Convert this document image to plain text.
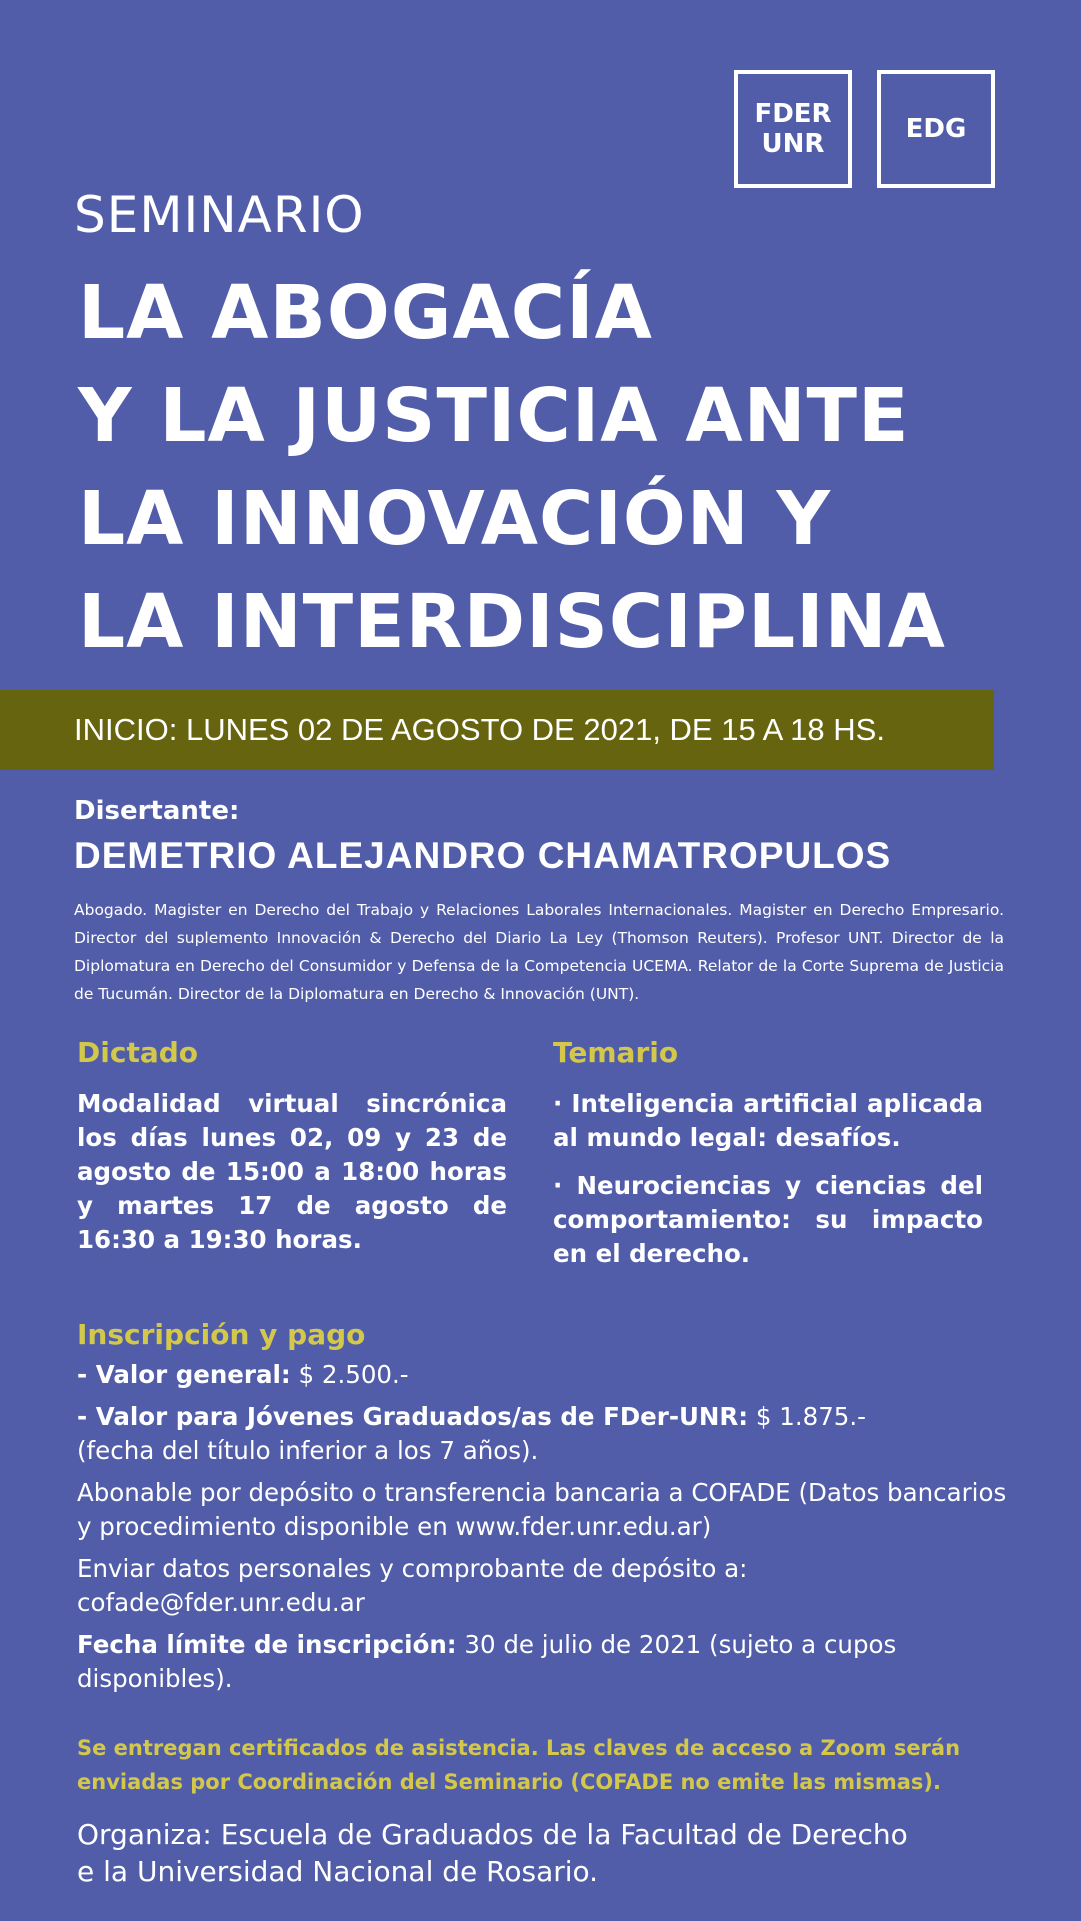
FDER
UNR	EDG
SEMINARIO
LA ABOGACÍA
Y LA JUSTICIA ANTE
LA INNOVACIÓN Y
LA INTERDISCIPLINA
INICIO: LUNES 02 DE AGOSTO DE 2021, DE 15 A 18 HS.
Disertante:
DEMETRIO ALEJANDRO CHAMATROPULOS
Abogado. Magister en Derecho del Trabajo y Relaciones Laborales Internacionales. Magister en Derecho Empresario. Director del suplemento Innovación & Derecho del Diario La Ley (Thomson Reuters). Profesor UNT. Director de la Diplomatura en Derecho del Consumidor y Defensa de la Competencia UCEMA. Relator de la Corte Suprema de Justicia de Tucumán. Director de la Diplomatura en Derecho & Innovación (UNT).
Dictado
Modalidad virtual sincrónica los días lunes 02, 09 y 23 de agosto de 15:00 a 18:00 horas y martes 17 de agosto de 16:30 a 19:30 horas.
Temario
· Inteligencia artificial aplicada al mundo legal: desafíos.
· Neurociencias y ciencias del comportamiento: su impacto en el derecho.
Inscripción y pago

- Valor general: $ 2.500.-

- Valor para Jóvenes Graduados/as de FDer-UNR: $ 1.875.-
(fecha del título inferior a los 7 años).

Abonable por depósito o transferencia bancaria a COFADE (Datos bancarios y procedimiento disponible en www.fder.unr.edu.ar)

Enviar datos personales y comprobante de depósito a:
cofade@fder.unr.edu.ar

Fecha límite de inscripción: 30 de julio de 2021 (sujeto a cupos disponibles).

Se entregan certificados de asistencia. Las claves de acceso a Zoom serán enviadas por Coordinación del Seminario (COFADE no emite las mismas).
Organiza: Escuela de Graduados de la Facultad de Derecho
e la Universidad Nacional de Rosario.
